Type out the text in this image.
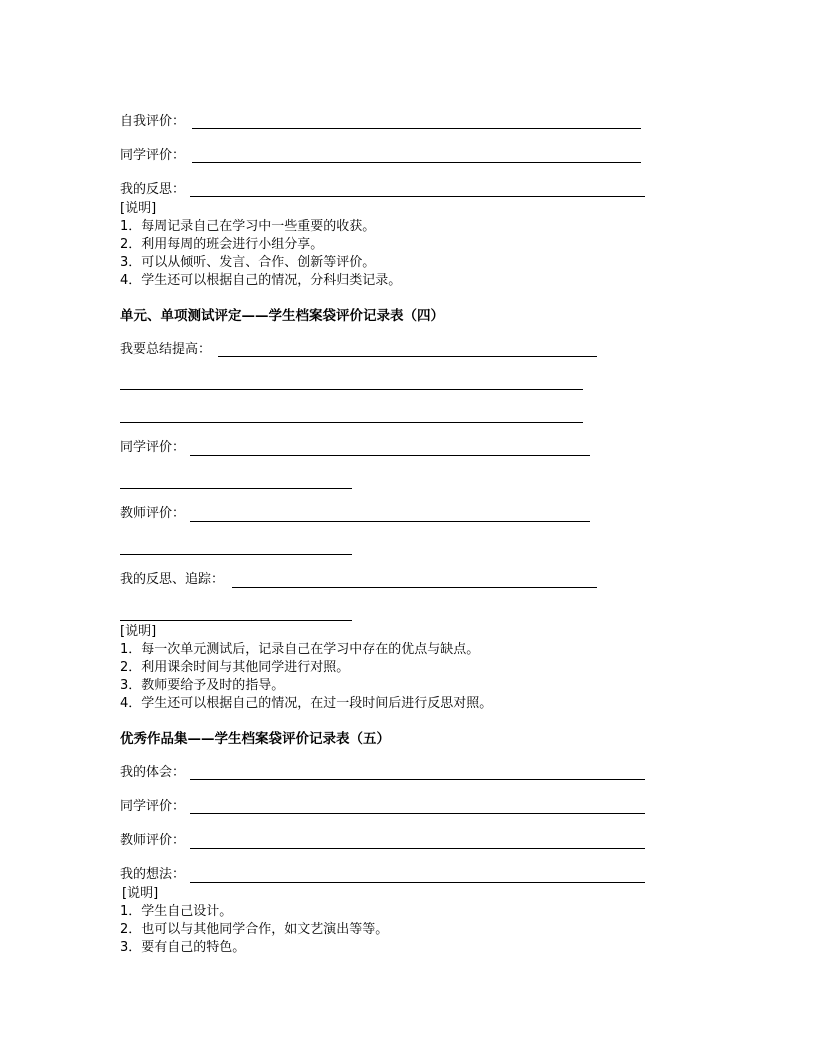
自我评价：
同学评价：
我的反思：
[说明]
1．每周记录自己在学习中一些重要的收获。
2．利用每周的班会进行小组分享。
3．可以从倾听、发言、合作、创新等评价。
4．学生还可以根据自己的情况，分科归类记录。
单元、单项测试评定——学生档案袋评价记录表（四）
我要总结提高：
同学评价：
教师评价：
我的反思、追踪：
[说明]
1．每一次单元测试后，记录自己在学习中存在的优点与缺点。
2．利用课余时间与其他同学进行对照。
3．教师要给予及时的指导。
4．学生还可以根据自己的情况，在过一段时间后进行反思对照。
优秀作品集——学生档案袋评价记录表（五）
我的体会：
同学评价：
教师评价：
我的想法：
[说明]
1．学生自己设计。
2．也可以与其他同学合作，如文艺演出等等。
3．要有自己的特色。
